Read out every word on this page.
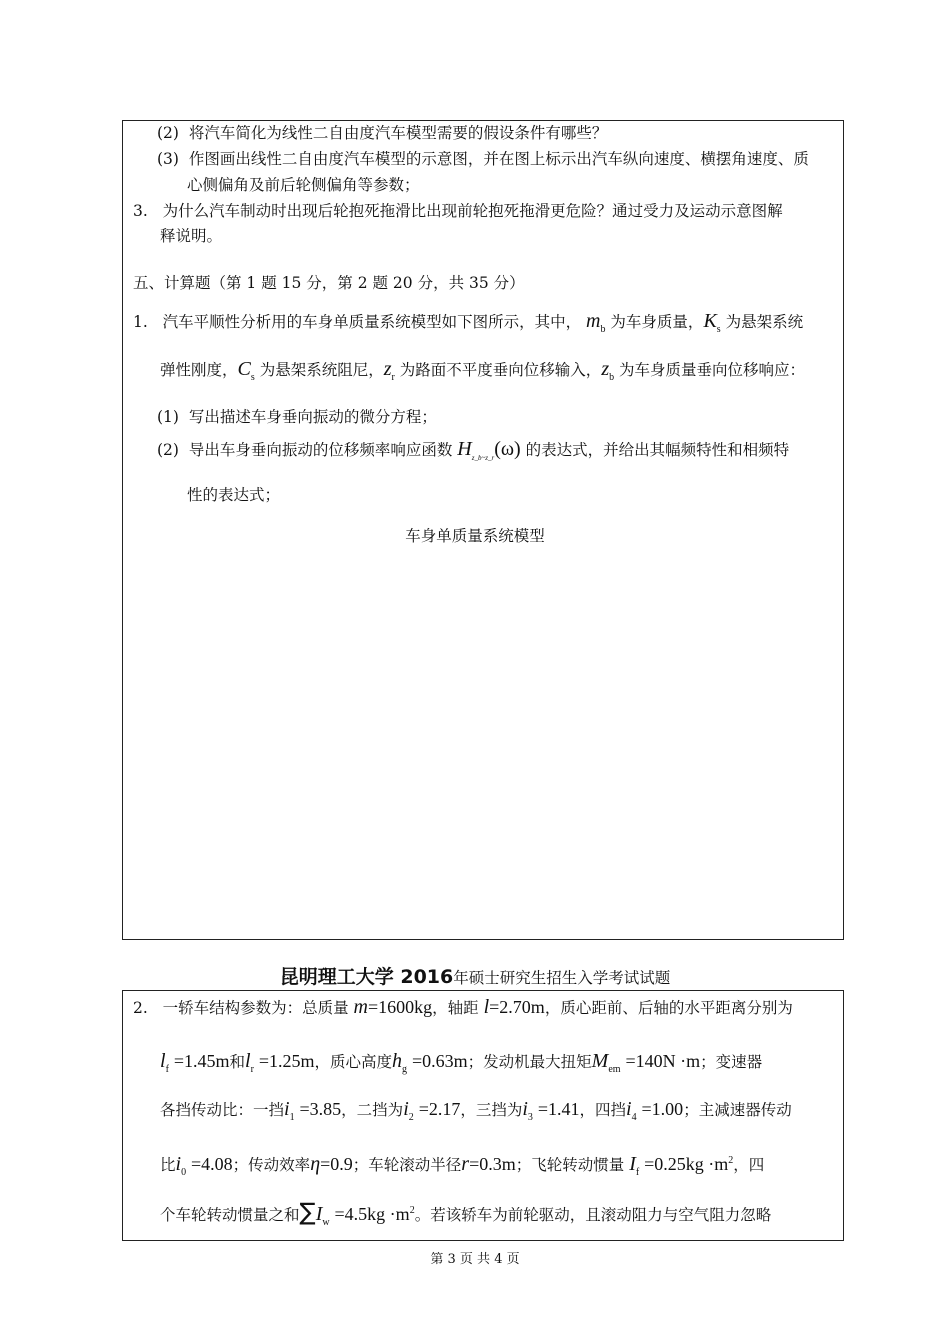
(2) 将汽车简化为线性二自由度汽车模型需要的假设条件有哪些？
(3) 作图画出线性二自由度汽车模型的示意图，并在图上标示出汽车纵向速度、横摆角速度、质
心侧偏角及前后轮侧偏角等参数；
3. 为什么汽车制动时出现后轮抱死拖滑比出现前轮抱死拖滑更危险？通过受力及运动示意图解
释说明。
五、计算题（第 1 题 15 分，第 2 题 20 分，共 35 分）
1. 汽车平顺性分析用的车身单质量系统模型如下图所示，其中， $m_b$ 为车身质量，$K_s$ 为悬架系统
弹性刚度，$C_s$ 为悬架系统阻尼，$z_r$ 为路面不平度垂向位移输入，$z_b$ 为车身质量垂向位移响应：
(1) 写出描述车身垂向振动的微分方程；
(2) 导出车身垂向振动的位移频率响应函数 $H_{z\_b\sim z\_r}(\omega)$ 的表达式，并给出其幅频特性和相频特
性的表达式；
车身单质量系统模型
昆明理工大学 2016年硕士研究生招生入学考试试题
2. 一轿车结构参数为：总质量 m=1600kg，轴距 l=2.70m，质心距前、后轴的水平距离分别为
$l_f =1.45m$和$l_r =1.25m$，质心高度$h_g =0.63m$；发动机最大扭矩$M_{em} =140N \cdot m$；变速器
各挡传动比：一挡$i_1 =3.85$，二挡为$i_2 =2.17$，三挡为$i_3 =1.41$，四挡$i_4 =1.00$；主减速器传动
比$i_0 =4.08$；传动效率η=0.9；车轮滚动半径r=0.3m；飞轮转动惯量 $I_f =0.25kg \cdot m^2$，四
个车轮转动惯量之和$\sum I_w =4.5kg \cdot m^2$。若该轿车为前轮驱动，且滚动阻力与空气阻力忽略
第 3 页 共 4 页
